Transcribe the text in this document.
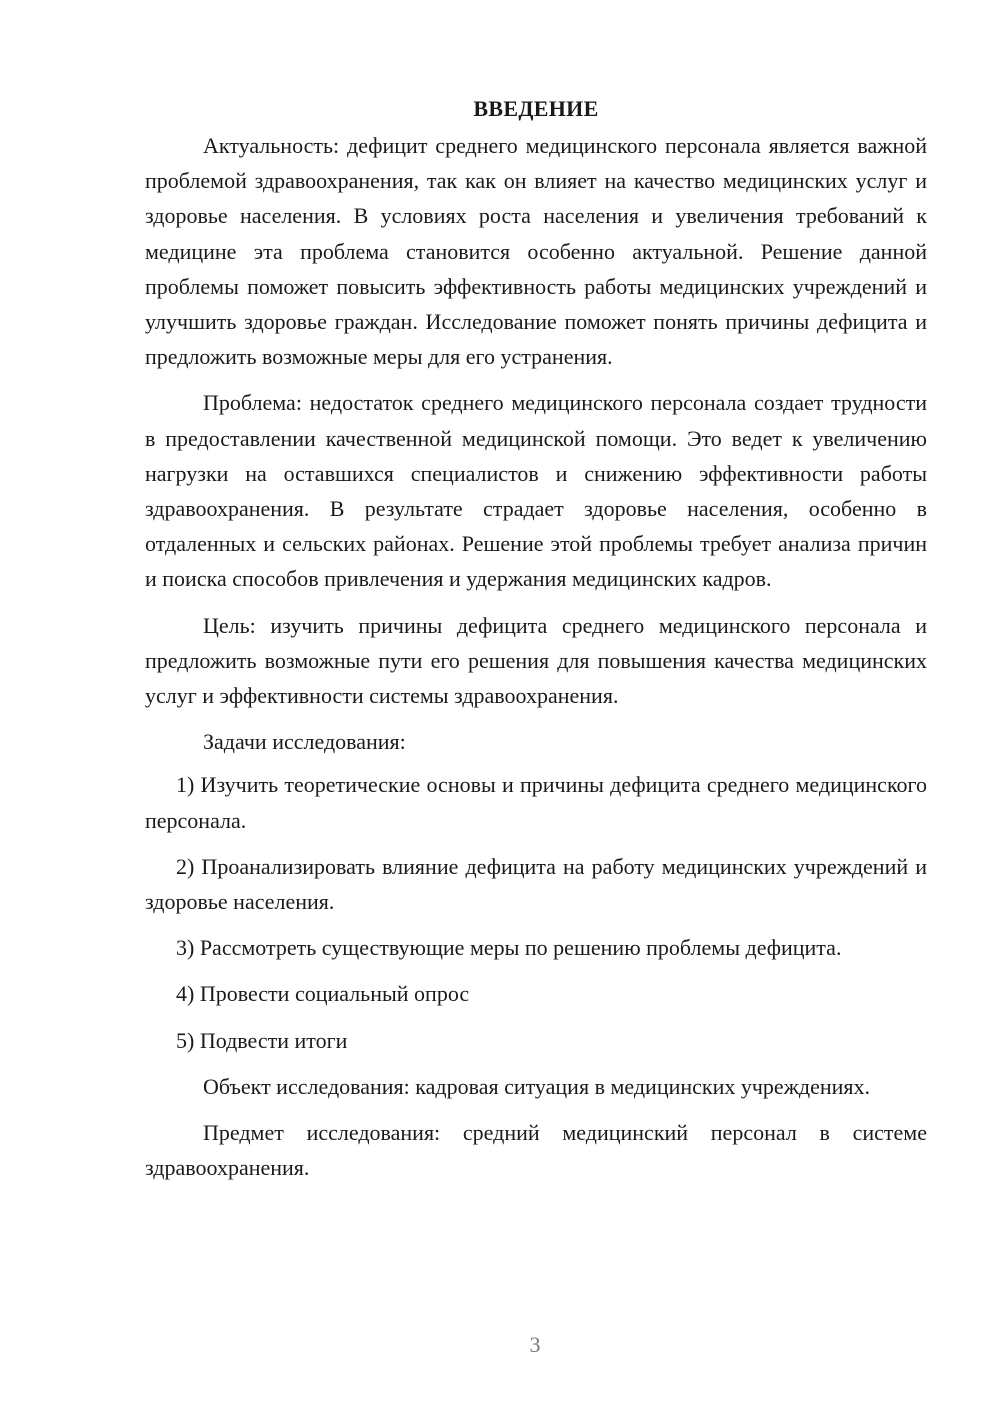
ВВЕДЕНИЕ

Актуальность: дефицит среднего медицинского персонала является важной проблемой здравоохранения, так как он влияет на качество медицинских услуг и здоровье населения. В условиях роста населения и увеличения требований к медицине эта проблема становится особенно актуальной. Решение данной проблемы поможет повысить эффективность работы медицинских учреждений и улучшить здоровье граждан. Исследование поможет понять причины дефицита и предложить возможные меры для его устранения.

Проблема: недостаток среднего медицинского персонала создает трудности в предоставлении качественной медицинской помощи. Это ведет к увеличению нагрузки на оставшихся специалистов и снижению эффективности работы здравоохранения. В результате страдает здоровье населения, особенно в отдаленных и сельских районах. Решение этой проблемы требует анализа причин и поиска способов привлечения и удержания медицинских кадров.

Цель: изучить причины дефицита среднего медицинского персонала и предложить возможные пути его решения для повышения качества медицинских услуг и эффективности системы здравоохранения.

Задачи исследования:

1) Изучить теоретические основы и причины дефицита среднего медицинского персонала.

2) Проанализировать влияние дефицита на работу медицинских учреждений и здоровье населения.

3) Рассмотреть существующие меры по решению проблемы дефицита.

4) Провести социальный опрос

5) Подвести итоги

Объект исследования: кадровая ситуация в медицинских учреждениях.

Предмет исследования: средний медицинский персонал в системе здравоохранения.

3
